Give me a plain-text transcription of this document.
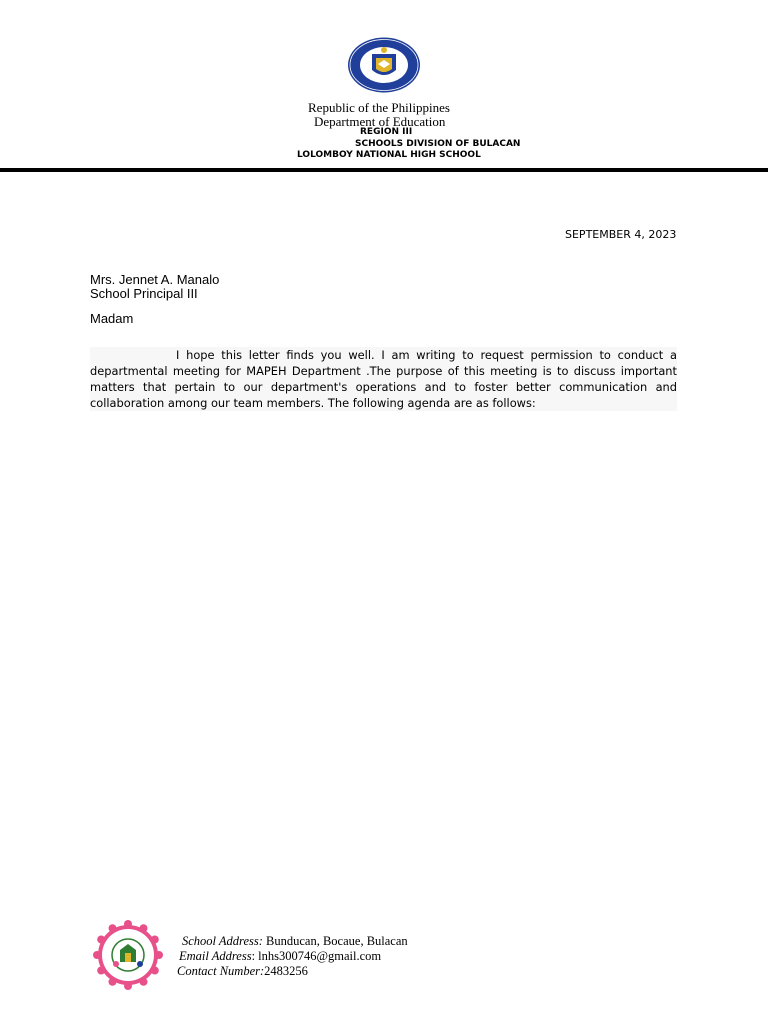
Republic of the Philippines
Department of Education
REGION III
SCHOOLS DIVISION OF BULACAN
LOLOMBOY NATIONAL HIGH SCHOOL
SEPTEMBER 4, 2023
Mrs. Jennet A. Manalo
School Principal III
Madam
I hope this letter finds you well. I am writing to request permission to conduct a departmental meeting for MAPEH Department .The purpose of this meeting is to discuss important matters that pertain to our department's operations and to foster better communication and collaboration among our team members. The following agenda are as follows:
School Address: Bunducan, Bocaue, Bulacan
Email Address: lnhs300746@gmail.com
Contact Number:2483256
